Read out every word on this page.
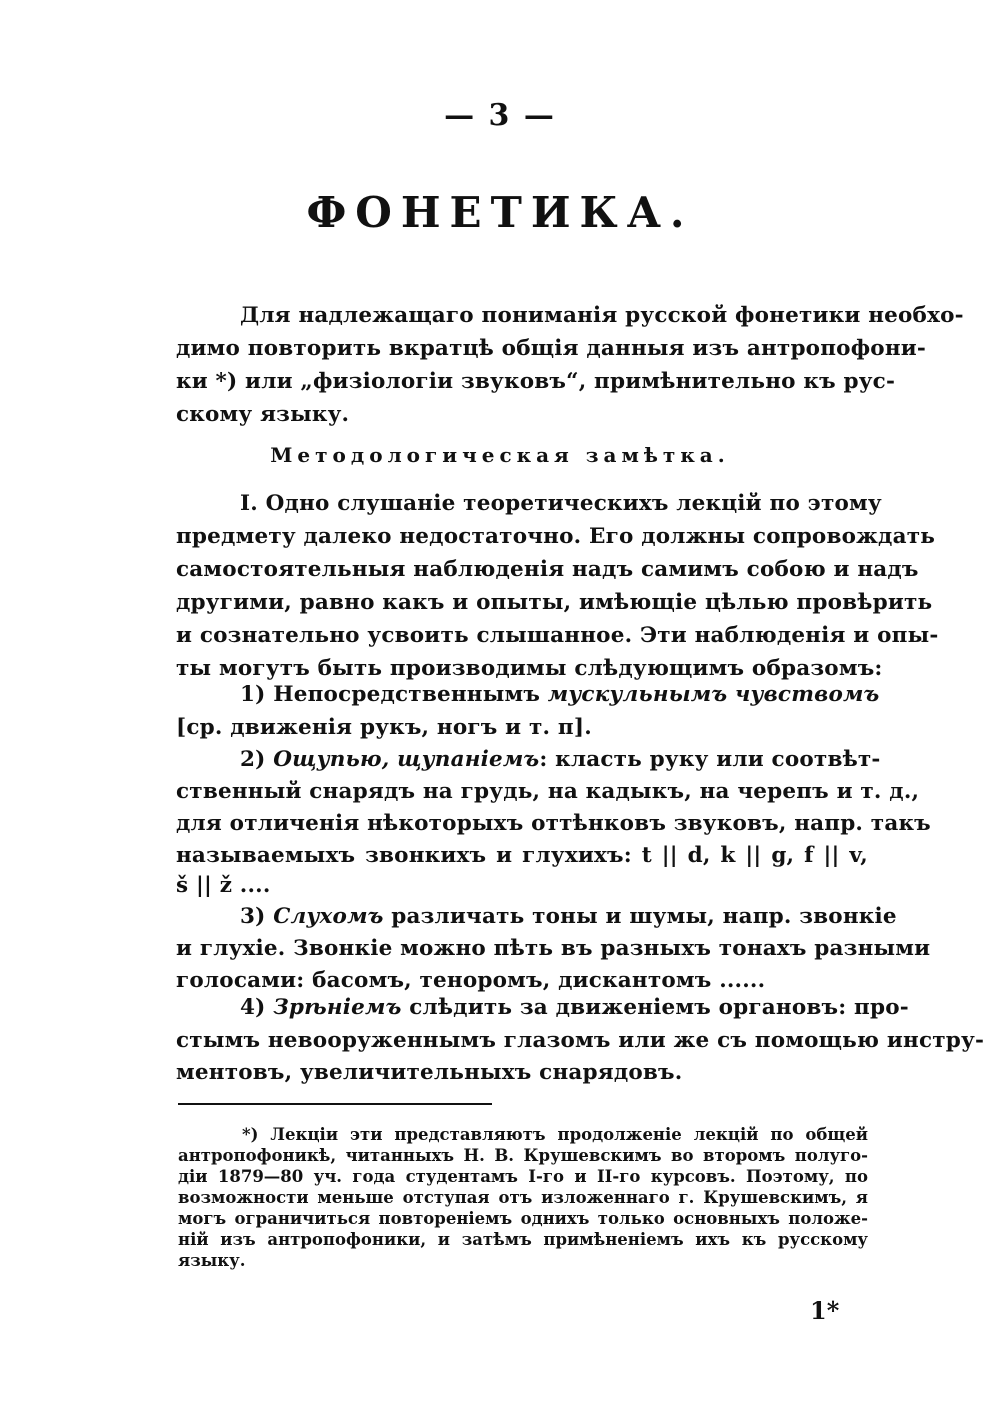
— 3 —
ФОНЕТИКА.
Для надлежащаго пониманія русской фонетики необхо-
димо повторить вкратцѣ общія данныя изъ антропофони-
ки *) или „физіологіи звуковъ“, примѣнительно къ рус-
скому языку.
Методологическая замѣтка.
I. Одно слушаніе теоретическихъ лекцій по этому
предмету далеко недостаточно. Его должны сопровождать
самостоятельныя наблюденія надъ самимъ собою и надъ
другими, равно какъ и опыты, имѣющіе цѣлью провѣрить
и сознательно усвоить слышанное. Эти наблюденія и опы-
ты могутъ быть производимы слѣдующимъ образомъ:
1) Непосредственнымъ мускульнымъ чувствомъ
[ср. движенія рукъ, ногъ и т. п].
2) Ощупью, щупаніемъ: класть руку или соотвѣт-
ственный снарядъ на грудь, на кадыкъ, на черепъ и т. д.,
для отличенія нѣкоторыхъ оттѣнковъ звуковъ, напр. такъ
называемыхъ звонкихъ и глухихъ: t || d, k || g, f || v,
š || ž ....
3) Слухомъ различать тоны и шумы, напр. звонкіе
и глухіе. Звонкіе можно пѣть въ разныхъ тонахъ разными
голосами: басомъ, теноромъ, дискантомъ ......
4) Зрѣніемъ слѣдить за движеніемъ органовъ: про-
стымъ невооруженнымъ глазомъ или же съ помощью инстру-
ментовъ, увеличительныхъ снарядовъ.
*) Лекціи эти представляютъ продолженіе лекцій по общей
антропофоникѣ, читанныхъ Н. В. Крушевскимъ во второмъ полуго-
діи 1879—80 уч. года студентамъ I-го и II-го курсовъ. Поэтому, по
возможности меньше отступая отъ изложеннаго г. Крушевскимъ, я
могъ ограничиться повтореніемъ однихъ только основныхъ положе-
ній изъ антропофоники, и затѣмъ примѣненіемъ ихъ къ русскому
языку.
1*
